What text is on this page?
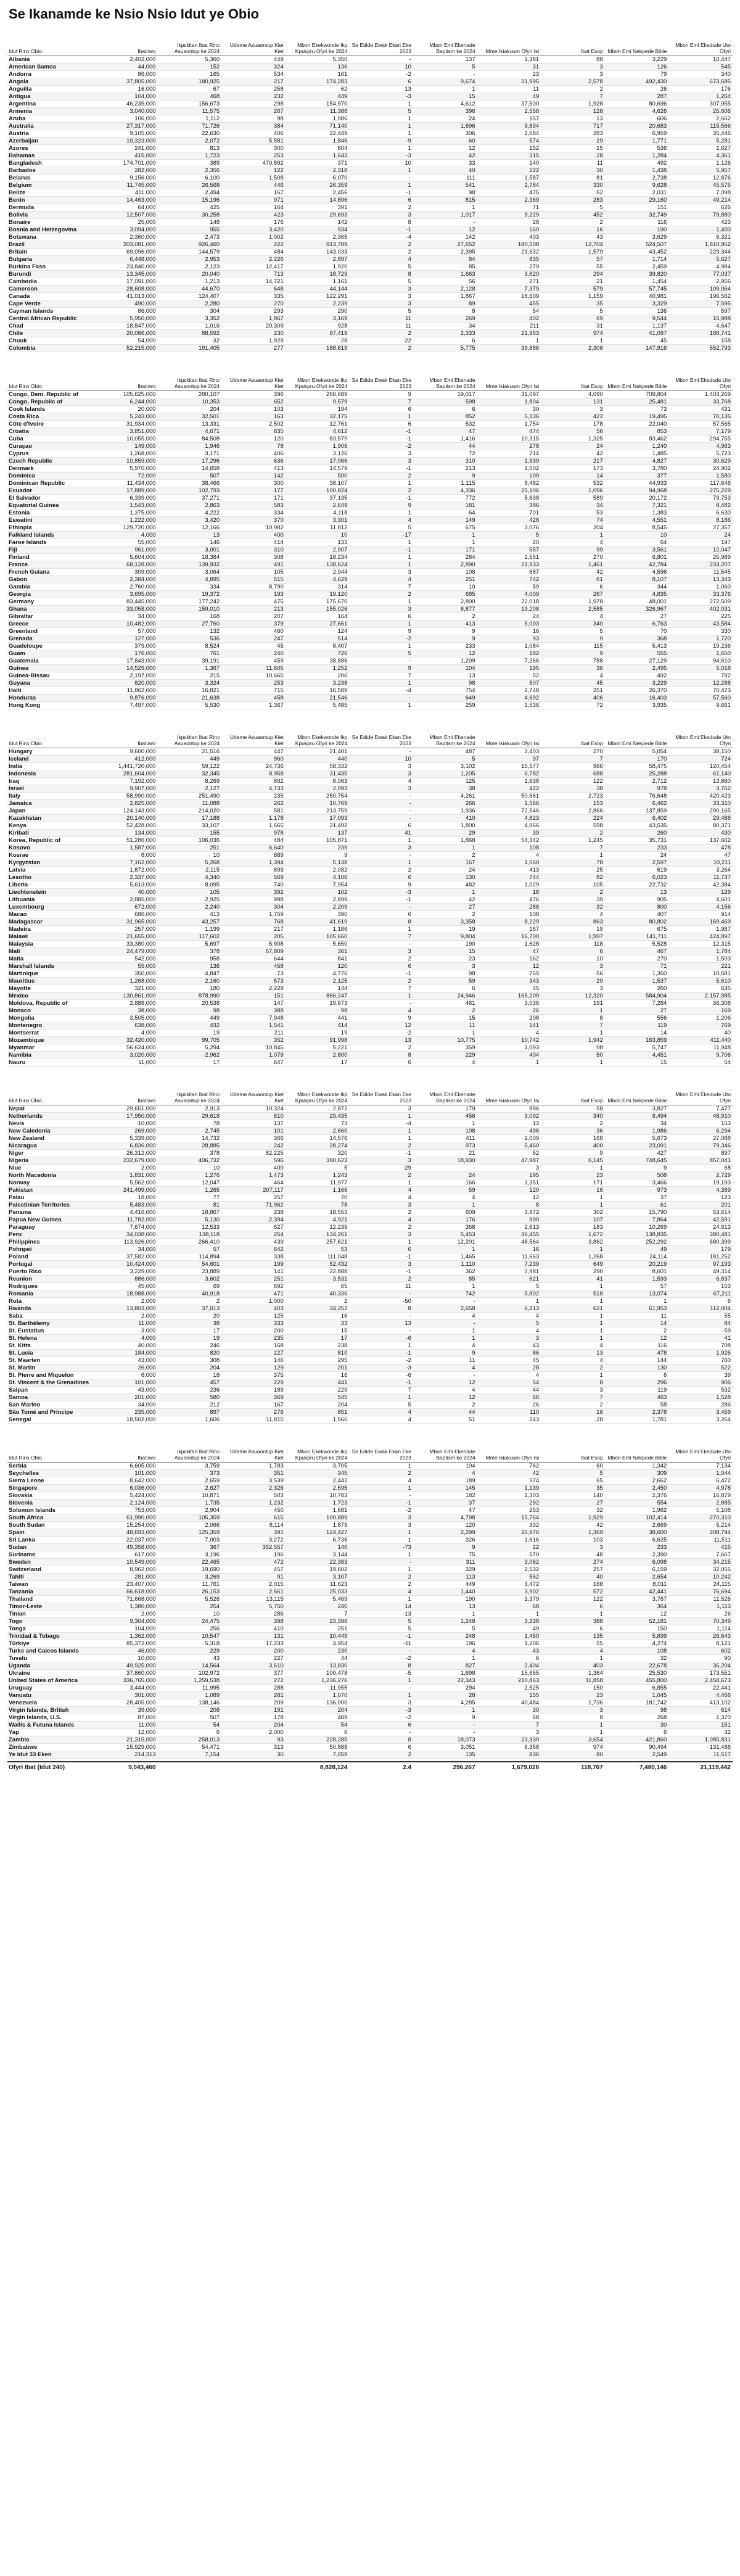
Se Ikanamde ke Nsio Nsio Idut ye Obio
Idut Rinɔ Obio	Ibatɔwo	Ikpɛkitan Ibat Rinɔ Asuaontup ke 2024	Udeme Asuaontup Kiet Kiet	Mbon Ekekwonde Ikp Kpukpru Ofyri ke 2024	Se Edide Ewak Ekan Eke 2023	Mbon Emi Ekenade Baptism ke 2024	Mme Ikiakuum Ofyri Isi	Ibat Esop	Mbon Emi Nekpede Bible	Mbon Emi Ekedude Uto Ofyri
Albania	2,402,000	5,360	449	5,350	-	137	1,381	88	3,229	10,447
American Samoa	44,000	152	324	136	10	5	31	3	126	545
Andorra	86,000	165	534	161	-2	-	23	3	79	340
Angola	37,805,000	180,925	217	174,283	6	9,674	31,995	2,578	492,430	673,685
Anguilla	16,000	67	258	62	13	1	11	2	26	176
Antigua	104,000	468	232	449	-3	15	49	7	287	1,264
Argentina	46,235,000	156,673	298	154,970	1	4,612	37,500	1,928	80,696	307,955
Armenia	3,040,000	11,575	267	11,388	5	396	2,558	128	4,626	25,606
Aruba	106,000	1,112	98	1,086	1	24	157	13	606	2,662
Australia	27,317,000	71,726	384	71,140	1	1,696	9,894	717	20,683	115,566
Austria	9,105,000	22,630	406	22,449	1	306	2,684	283	6,959	35,446
Azerbaijan	10,323,000	2,072	5,581	1,846	-9	60	574	29	1,771	5,281
Azores	241,000	813	300	804	1	12	152	15	536	1,627
Bahamas	415,000	1,723	253	1,643	-3	42	315	28	1,284	4,361
Bangladesh	174,701,000	389	470,892	371	10	33	140	11	492	1,126
Barbados	282,000	2,356	122	2,318	1	40	222	30	1,438	5,957
Belarus	9,156,000	6,100	1,508	6,070	-	111	1,587	81	2,738	12,876
Belgium	11,745,000	26,568	446	26,359	1	541	2,784	330	9,628	45,575
Belize	411,000	2,494	167	2,456	-1	98	475	52	2,031	7,098
Benin	14,463,000	15,196	971	14,896	6	815	2,369	283	29,160	49,214
Bermuda	64,000	425	164	391	2	1	71	5	151	626
Bolivia	12,507,000	30,258	423	29,693	3	1,017	9,229	452	32,749	79,880
Bonaire	25,000	148	176	142	8	-	28	2	116	423
Bosnia and Herzegovina	3,094,000	955	3,420	934	-1	12	160	16	190	1,400
Botswana	2,360,000	2,473	1,002	2,365	-4	142	403	43	3,629	6,321
Brazil	203,081,000	926,460	222	913,789	2	27,652	180,508	12,704	524,507	1,810,952
Britain	69,096,000	144,579	484	143,033	2	2,395	21,632	1,579	43,452	229,344
Bulgaria	6,448,000	2,953	2,226	2,897	4	84	835	57	1,714	5,627
Burkina Faso	23,840,000	2,123	12,417	1,920	5	85	279	55	2,459	4,984
Burundi	13,345,000	20,040	713	18,729	8	1,663	3,620	294	39,820	77,037
Cambodia	17,091,000	1,213	14,721	1,161	5	56	271	21	1,454	2,956
Cameroon	28,608,000	44,670	648	44,144	3	2,128	7,379	579	57,745	109,064
Canada	41,013,000	124,407	335	122,291	3	1,867	18,609	1,159	40,981	196,562
Cape Verde	490,000	2,280	270	2,239	3	89	455	35	3,329	7,595
Cayman Islands	86,000	304	293	290	5	8	54	5	136	597
Central African Republic	5,950,000	3,352	1,867	3,169	11	269	402	69	9,544	15,988
Chad	18,847,000	1,016	20,309	928	11	34	211	31	1,137	4,647
Chile	20,086,000	88,592	230	87,419	2	2,333	21,963	974	41,097	188,741
Chuuk	54,000	32	1,929	28	22	6	1	1	45	158
Colombia	52,215,000	191,405	277	188,819	2	5,775	39,886	2,306	147,916	552,793
Idut Rinɔ Obio	Ibatɔwo	Ikpɛkitan Ibat Rinɔ Asuaontup ke 2024	Udeme Asuaontup Kiet Kiet	Mbon Ekekwonde Ikp Kpukpru Ofyri ke 2024	Se Edide Ewak Ekan Eke 2023	Mbon Emi Ekenade Baptism ke 2024	Mme Ikiakuum Ofyri Isi	Ibat Esop	Mbon Emi Nekpede Bible	Mbon Emi Ekedude Uto Ofyri
Congo, Dem. Republic of	105,625,000	280,107	396	266,689	9	19,017	31,097	4,090	709,804	1,403,269
Congo, Republic of	6,244,000	10,353	652	9,579	7	598	1,804	131	25,481	33,768
Cook Islands	20,000	204	103	194	6	6	30	3	73	431
Costa Rica	5,243,000	32,501	163	32,175	1	852	5,136	422	19,495	70,135
Côte d'Ivoire	31,934,000	13,331	2,502	12,761	6	532	1,754	178	22,040	57,565
Croatia	3,851,000	4,671	835	4,612	-1	47	474	56	853	7,179
Cuba	10,055,000	84,508	120	83,579	-1	1,416	10,315	1,325	83,462	294,755
Curaçao	149,000	1,946	78	1,906	-2	44	278	24	1,240	4,963
Cyprus	1,268,000	3,171	406	3,126	3	72	714	42	1,485	5,723
Czech Republic	10,859,000	17,296	636	17,066	3	310	1,939	217	4,827	30,629
Denmark	5,970,000	14,658	413	14,579	-1	213	1,502	173	3,780	24,902
Dominica	72,000	507	142	500	2	9	109	14	377	1,580
Dominican Republic	11,434,000	38,466	300	38,107	1	1,115	8,482	532	44,933	117,648
Ecuador	17,889,000	102,793	177	100,824	2	4,336	25,106	1,096	94,968	275,229
El Salvador	6,339,000	37,271	171	37,135	-1	772	5,638	589	20,172	79,753
Equatorial Guinea	1,543,000	2,863	583	2,649	9	181	386	34	7,321	8,482
Estonia	1,375,000	4,222	334	4,118	1	64	701	53	1,383	6,630
Eswatini	1,222,000	3,420	370	3,301	4	149	428	74	4,551	8,186
Ethiopia	129,720,000	12,166	10,982	11,812	5	675	3,076	204	8,545	27,357
Falkland Islands	4,000	13	400	10	-17	1	5	1	10	24
Faroe Islands	55,000	146	414	133	1	1	20	4	64	197
Fiji	961,000	3,001	310	2,907	-1	171	557	99	3,561	12,047
Finland	5,604,000	18,384	308	18,234	1	284	2,551	270	6,801	25,989
France	68,128,000	139,932	491	138,624	1	2,890	21,933	1,461	42,784	233,207
French Guiana	309,000	3,064	105	2,944	3	108	687	42	4,596	11,545
Gabon	2,384,000	4,895	515	4,629	4	251	742	61	8,107	13,343
Gambia	2,760,000	334	8,790	314	7	10	59	6	344	1,060
Georgia	3,695,000	19,372	193	19,120	2	685	4,009	267	4,835	33,376
Germany	83,445,000	177,242	475	175,670	1	2,800	22,018	1,978	48,001	272,509
Ghana	33,058,000	159,010	213	155,026	3	8,877	19,208	2,585	326,967	402,031
Gibraltar	34,000	168	207	164	6	2	24	4	27	225
Greece	10,482,000	27,760	379	27,661	1	413	5,003	340	6,763	43,584
Greenland	57,000	132	460	124	9	9	16	5	70	330
Grenada	127,000	536	247	514	-2	9	93	9	368	1,720
Guadeloupe	379,000	8,524	45	8,407	1	233	1,084	115	5,413	19,236
Guam	176,000	761	240	726	5	12	182	9	555	1,650
Guatemala	17,843,000	39,191	459	38,886	-	1,209	7,266	788	27,129	94,610
Guinea	14,529,000	1,367	11,605	1,252	9	104	195	36	2,495	5,018
Guinea-Bissau	2,197,000	215	10,665	206	7	13	52	4	492	792
Guyana	820,000	3,324	253	3,238	1	98	507	45	3,229	12,288
Haiti	11,862,000	16,821	715	16,589	-4	754	2,748	251	26,370	70,473
Honduras	9,876,000	21,638	458	21,546	-	649	4,692	406	16,403	57,560
Hong Kong	7,497,000	5,530	1,367	5,485	1	259	1,536	72	3,935	9,661
Idut Rinɔ Obio	Ibatɔwo	Ikpɛkitan Ibat Rinɔ Asuaontup ke 2024	Udeme Asuaontup Kiet Kiet	Mbon Ekekwonde Ikp Kpukpru Ofyri ke 2024	Se Edide Ewak Ekan Eke 2023	Mbon Emi Ekenade Baptism ke 2024	Mme Ikiakuum Ofyri Isi	Ibat Esop	Mbon Emi Nekpede Bible	Mbon Emi Ekedude Uto Ofyri
Hungary	9,600,000	21,516	447	21,401	-	487	2,403	270	5,054	38,150
Iceland	412,000	449	960	440	10	5	97	7	170	724
India	1,441,720,000	59,122	24,736	58,332	3	3,102	15,577	966	58,475	120,454
Indonesia	281,604,000	32,345	8,958	31,435	3	1,205	6,782	688	25,288	61,140
Iraq	7,192,000	8,269	892	8,063	4	125	1,638	122	2,712	13,860
Israel	9,907,000	2,127	4,733	2,093	3	38	422	38	978	3,762
Italy	58,990,000	251,490	235	250,754	-	4,261	50,661	2,723	76,648	420,423
Jamaica	2,825,000	11,088	262	10,769	-	266	1,566	153	6,462	33,310
Japan	124,143,000	214,020	581	213,759	-	1,936	72,546	2,866	137,859	290,165
Kazakhstan	20,140,000	17,188	1,178	17,093	-	410	4,823	224	6,402	29,488
Kenya	52,428,000	33,107	1,665	31,492	6	1,800	4,966	598	43,535	80,371
Kiribati	134,000	155	978	137	41	29	39	2	260	430
Korea, Republic of	51,286,000	106,036	484	105,871	1	1,868	54,342	1,245	35,731	137,662
Kosovo	1,587,000	251	6,640	239	3	1	108	7	233	478
Kosrae	8,000	10	889	9	-	2	4	1	24	47
Kyrgyzstan	7,162,000	5,268	1,394	5,138	1	167	1,560	78	2,597	10,211
Latvia	1,872,000	2,115	899	2,082	2	24	413	25	619	3,264
Lesotho	2,337,000	4,340	569	4,106	6	130	744	82	6,023	11,737
Liberia	5,613,000	8,095	740	7,954	9	482	1,029	105	22,732	42,384
Liechtenstein	40,000	105	392	102	-3	1	18	2	13	129
Lithuania	2,885,000	2,925	998	2,899	-1	42	476	39	905	4,601
Luxembourg	672,000	2,240	304	2,209	-	27	288	32	800	4,156
Macao	686,000	413	1,759	390	6	2	108	4	407	914
Madagascar	31,965,000	43,257	768	41,619	8	3,358	8,229	863	80,802	169,469
Madeira	257,000	1,199	217	1,186	1	19	167	19	675	1,987
Malawi	21,655,000	117,602	205	105,660	7	9,804	16,700	1,997	141,711	424,897
Malaysia	33,380,000	5,697	5,908	5,650	-	190	1,628	118	5,528	12,315
Mali	24,479,000	378	67,809	361	3	15	47	6	467	1,784
Malta	542,000	958	644	841	2	23	162	10	270	1,503
Marshall Islands	55,000	136	458	120	6	3	12	3	71	221
Martinique	350,000	4,847	73	4,776	-1	98	755	56	1,350	10,581
Mauritius	1,268,000	2,160	573	2,125	2	59	343	29	1,537	5,610
Mayotte	321,000	180	2,229	144	7	6	45	3	260	635
Mexico	130,861,000	878,990	151	866,247	1	24,946	165,209	12,320	584,904	2,157,985
Moldova, Republic of	2,888,000	20,538	147	19,673	-	461	3,036	191	7,284	36,308
Monaco	38,000	98	388	98	4	2	26	1	27	169
Mongolia	3,505,000	449	7,948	441	9	15	208	8	556	1,206
Montenegro	638,000	432	1,541	414	12	11	141	7	119	769
Montserrat	4,000	19	211	19	-2	1	4	1	14	40
Mozambique	32,420,000	99,705	352	91,998	13	10,775	10,742	1,942	163,859	411,440
Myanmar	56,624,000	5,294	10,845	5,221	2	359	1,093	98	5,747	11,948
Namibia	3,020,000	2,962	1,079	2,800	8	229	404	50	4,451	9,706
Nauru	11,000	17	647	17	6	4	1	1	15	54
Idut Rinɔ Obio	Ibatɔwo	Ikpɛkitan Ibat Rinɔ Asuaontup ke 2024	Udeme Asuaontup Kiet Kiet	Mbon Ekekwonde Ikp Kpukpru Ofyri ke 2024	Se Edide Ewak Ekan Eke 2023	Mbon Emi Ekenade Baptism ke 2024	Mme Ikiakuum Ofyri Isi	Ibat Esop	Mbon Emi Nekpede Bible	Mbon Emi Ekedude Uto Ofyri
Nepal	29,651,000	2,913	10,324	2,872	3	179	896	58	3,827	7,477
Netherlands	17,950,000	29,618	610	29,435	1	456	3,092	340	8,494	48,910
Nevis	10,000	78	137	73	-4	1	13	2	34	153
New Caledonia	269,000	2,745	101	2,660	1	108	496	36	1,986	6,294
New Zealand	5,339,000	14,732	366	14,576	1	411	2,009	168	5,673	27,088
Nicaragua	6,836,000	28,885	242	28,274	2	973	5,460	400	23,091	79,346
Niger	26,312,000	378	82,225	320	-1	21	52	9	427	897
Nigeria	232,679,000	406,732	596	390,623	3	18,930	47,987	6,145	748,645	857,041
Niue	2,000	10	400	5	-29	-	3	1	9	68
North Macedonia	1,831,000	1,276	1,473	1,243	2	24	195	23	508	2,729
Norway	5,562,000	12,047	464	11,977	1	166	1,351	171	3,466	19,193
Pakistan	241,499,000	1,265	207,117	1,166	4	59	120	16	973	4,389
Palau	18,000	77	257	70	4	4	12	1	37	123
Palestinian Territories	5,483,000	81	71,962	78	3	1	8	1	61	201
Panama	4,416,000	18,867	238	18,553	2	609	3,972	302	15,790	53,614
Papua New Guinea	11,782,000	5,130	2,394	4,921	4	176	990	107	7,864	42,591
Paraguay	7,674,000	12,533	627	12,239	2	368	2,613	183	10,269	24,613
Peru	34,038,000	138,118	254	134,261	3	5,453	36,455	1,672	138,835	380,481
Philippines	113,926,000	266,410	439	257,621	1	12,201	48,564	3,862	252,292	680,399
Pohnpei	34,000	57	642	53	6	1	16	1	49	179
Poland	37,582,000	114,894	338	111,048	-1	1,465	11,663	1,268	24,114	181,252
Portugal	10,424,000	54,601	199	52,432	3	1,110	7,239	649	20,219	97,193
Puerto Rico	3,229,000	23,889	141	22,888	-1	362	2,981	290	8,601	49,314
Reunion	886,000	3,602	251	3,531	2	85	621	41	1,593	6,837
Rodrigues	45,000	69	692	65	11	1	5	1	57	153
Romania	18,988,000	40,918	471	40,336	-	742	5,802	518	13,074	67,211
Rota	2,000	2	1,000	2	-50	-	1	1	1	6
Rwanda	13,803,000	37,013	403	34,252	8	2,658	6,213	621	61,953	112,004
Saba	2,000	20	125	16	-	4	4	1	11	55
St. Barthélemy	11,000	38	333	33	13	-	5	1	14	84
St. Eustatius	3,000	17	200	15	-	1	4	1	2	59
St. Helena	4,000	19	235	17	-6	1	3	1	12	41
St. Kitts	40,000	246	168	238	1	4	43	4	116	708
St. Lucia	184,000	820	227	810	-1	9	86	13	478	1,926
St. Maarten	43,000	308	146	295	-2	11	45	4	144	760
St. Martin	26,000	204	129	201	-3	4	28	2	130	522
St. Pierre and Miquelon	6,000	18	375	16	-6	-	4	1	6	39
St. Vincent & the Grenadines	101,000	457	229	441	-1	12	54	8	296	906
Saipan	43,000	236	189	229	7	4	44	3	119	532
Samoa	201,000	580	369	545	1	12	66	7	463	1,528
San Marino	34,000	212	167	204	5	2	26	2	58	286
São Tomé and Príncipe	235,000	897	276	851	4	44	110	16	2,378	3,459
Senegal	18,502,000	1,606	11,815	1,566	4	51	243	28	1,781	3,264
Idut Rinɔ Obio	Ibatɔwo	Ikpɛkitan Ibat Rinɔ Asuaontup ke 2024	Udeme Asuaontup Kiet Kiet	Mbon Ekekwonde Ikp Kpukpru Ofyri ke 2024	Se Edide Ewak Ekan Eke 2023	Mbon Emi Ekenade Baptism ke 2024	Mme Ikiakuum Ofyri Isi	Ibat Esop	Mbon Emi Nekpede Bible	Mbon Emi Ekedude Uto Ofyri
Serbia	6,605,000	3,759	1,783	3,705	1	104	762	60	1,342	7,134
Seychelles	101,000	373	351	345	2	4	42	5	309	1,044
Sierra Leone	8,642,000	2,659	3,539	2,442	4	189	374	65	2,662	6,472
Singapore	6,036,000	2,627	2,326	2,595	1	145	1,139	35	2,450	4,978
Slovakia	5,424,000	10,871	503	10,783	-	182	1,303	140	2,376	16,879
Slovenia	2,124,000	1,735	1,232	1,723	-1	37	292	27	554	2,885
Solomon Islands	753,000	2,904	450	1,681	-2	47	253	32	1,962	5,108
South Africa	61,990,000	105,359	615	100,889	3	4,798	15,764	1,929	102,414	270,310
South Sudan	15,254,000	2,066	8,114	1,879	3	120	332	42	2,669	5,214
Spain	48,693,000	125,359	391	124,427	1	2,299	26,976	1,369	38,600	208,794
Sri Lanka	22,037,000	7,003	3,272	6,736	1	326	1,616	103	6,625	11,511
Sudan	49,358,000	367	352,557	140	-73	9	22	3	233	415
Suriname	617,000	3,196	196	3,144	1	75	570	48	2,390	7,667
Sweden	10,549,000	22,465	472	22,383	-	311	3,062	274	6,098	34,215
Switzerland	8,962,000	19,690	457	19,602	1	329	2,532	257	6,159	32,055
Tahiti	281,000	3,269	91	3,107	2	113	562	40	2,654	10,242
Taiwan	23,407,000	11,761	2,015	11,623	2	449	3,472	168	8,011	24,115
Tanzania	66,618,000	26,153	2,661	25,033	4	1,440	3,902	572	42,441	76,694
Thailand	71,668,000	5,526	13,115	5,469	1	190	1,379	122	3,767	11,526
Timor-Leste	1,380,000	254	5,750	240	14	13	68	6	364	1,113
Tinian	2,000	10	286	7	-13	1	1	1	12	26
Togo	9,304,000	24,475	398	23,396	5	1,248	3,238	388	52,181	70,349
Tonga	104,000	256	410	251	5	5	49	6	150	1,114
Trinidad & Tobago	1,362,000	10,547	131	10,449	-1	248	1,450	135	5,699	26,643
Türkiye	85,372,000	5,318	17,233	4,954	-11	196	1,206	55	4,274	8,121
Turks and Caicos Islands	46,000	229	200	230	-	4	43	4	108	602
Tuvalu	10,000	43	227	44	-2	1	6	1	32	90
Uganda	49,925,000	14,564	3,610	13,830	8	827	2,404	403	22,678	36,204
Ukraine	37,860,000	102,972	377	100,478	-5	1,698	15,655	1,364	25,530	173,551
United States of America	336,765,000	1,259,538	272	1,236,276	1	22,343	210,863	11,858	455,800	2,458,673
Uruguay	3,444,000	11,995	288	11,955	-	294	2,525	150	6,855	22,441
Vanuatu	301,000	1,089	281	1,070	1	28	155	23	1,045	4,466
Venezuela	28,405,000	138,146	209	136,000	3	4,285	40,484	1,736	181,742	413,102
Virgin Islands, British	39,000	208	191	204	-3	1	30	3	98	614
Virgin Islands, U.S.	87,000	507	178	489	-2	9	68	8	268	1,370
Wallis & Futuna Islands	11,000	54	204	54	6	-	7	1	30	151
Yap	12,000	6	2,000	6	-	-	3	1	6	32
Zambia	21,315,000	258,013	93	228,285	8	18,073	23,330	3,654	421,860	1,085,831
Zimbabwe	15,929,000	54,471	313	50,888	6	3,051	6,358	974	90,494	131,488
Ye Idut 33 Eken	214,313	7,154	30	7,059	2	135	836	80	2,549	11,517
Ofyri Ibat (Idut 240)	9,043,460			8,828,124	2.4	296,267	1,679,026	118,767	7,480,146	21,119,442
